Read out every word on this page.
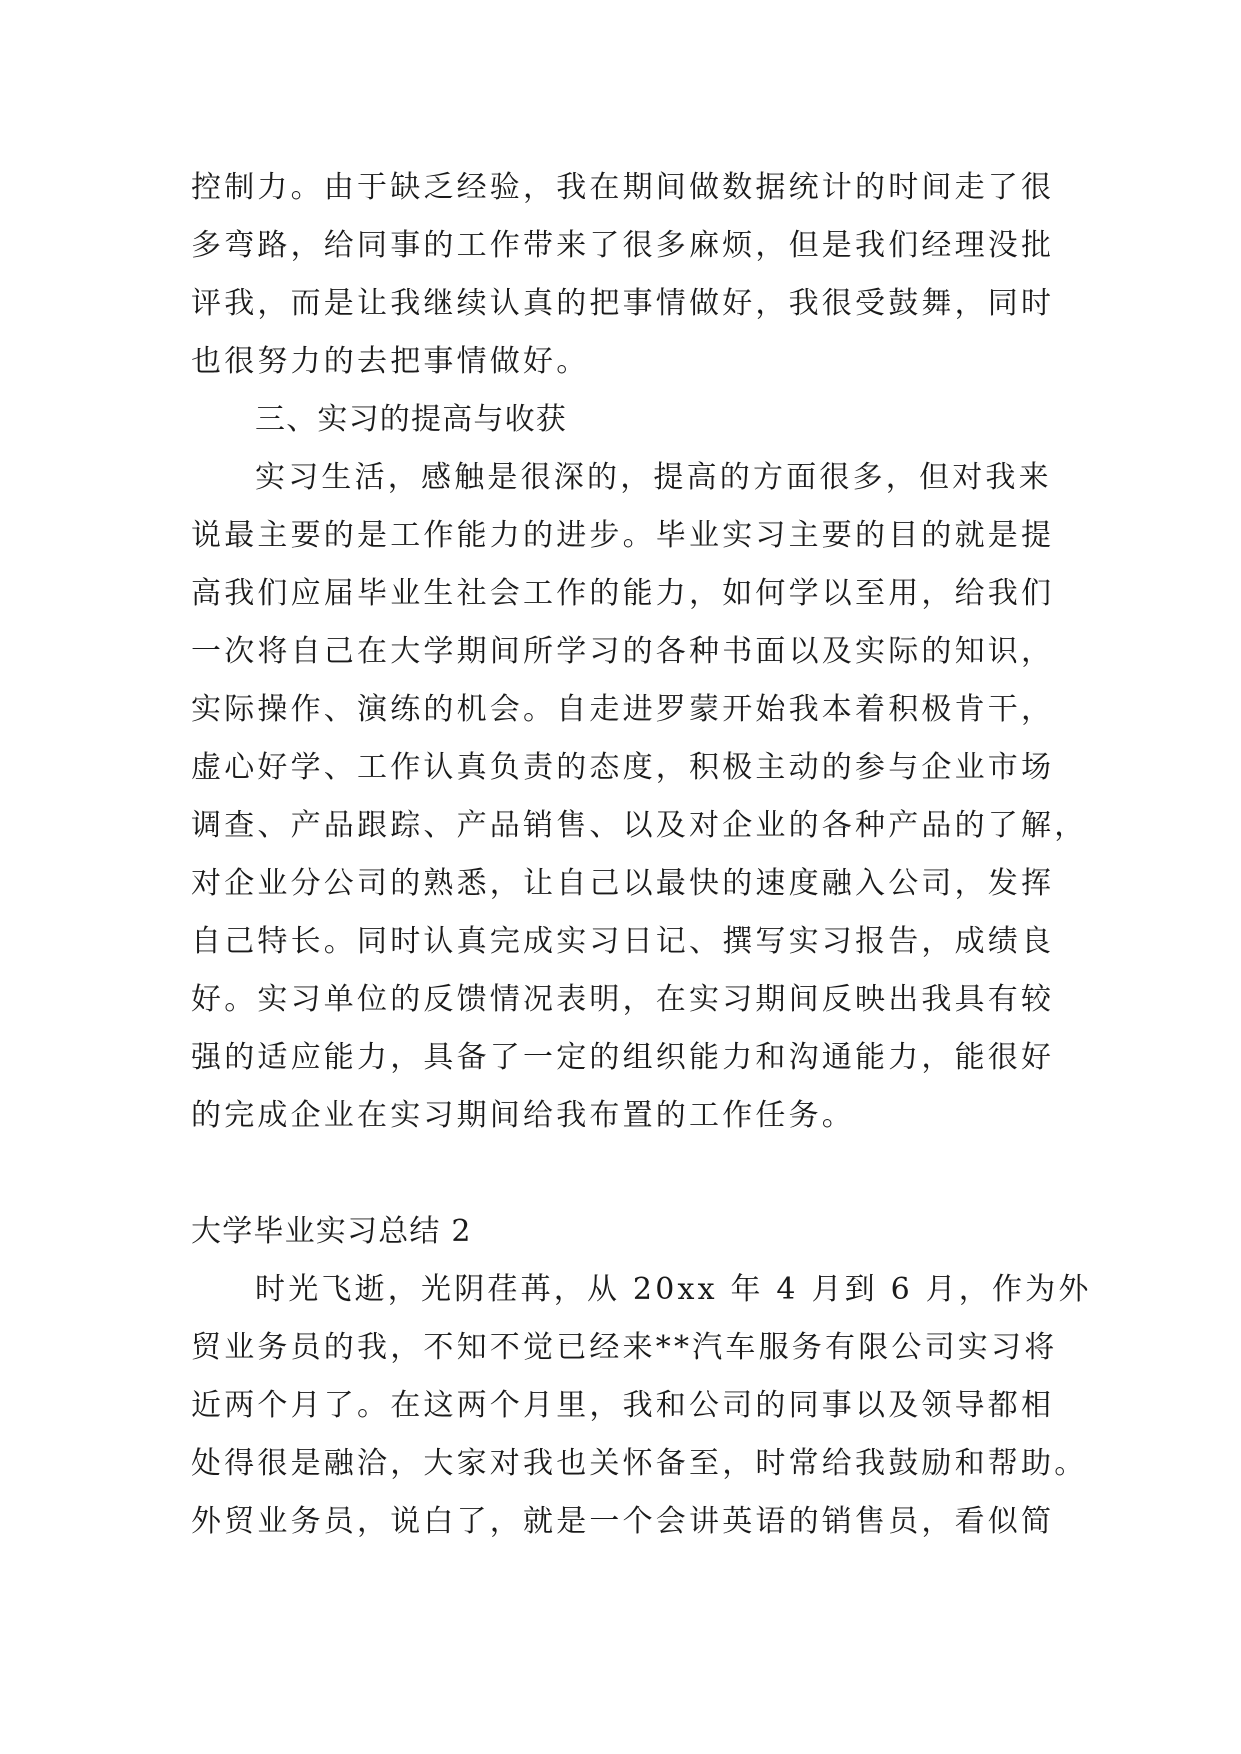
控制力。由于缺乏经验，我在期间做数据统计的时间走了很
多弯路，给同事的工作带来了很多麻烦，但是我们经理没批
评我，而是让我继续认真的把事情做好，我很受鼓舞，同时
也很努力的去把事情做好。
三、实习的提高与收获
实习生活，感触是很深的，提高的方面很多，但对我来
说最主要的是工作能力的进步。毕业实习主要的目的就是提
高我们应届毕业生社会工作的能力，如何学以至用，给我们
一次将自己在大学期间所学习的各种书面以及实际的知识，
实际操作、演练的机会。自走进罗蒙开始我本着积极肯干，
虚心好学、工作认真负责的态度，积极主动的参与企业市场
调查、产品跟踪、产品销售、以及对企业的各种产品的了解，
对企业分公司的熟悉，让自己以最快的速度融入公司，发挥
自己特长。同时认真完成实习日记、撰写实习报告，成绩良
好。实习单位的反馈情况表明，在实习期间反映出我具有较
强的适应能力，具备了一定的组织能力和沟通能力，能很好
的完成企业在实习期间给我布置的工作任务。
大学毕业实习总结 2
时光飞逝，光阴荏苒，从 20xx 年 4 月到 6 月，作为外
贸业务员的我，不知不觉已经来**汽车服务有限公司实习将
近两个月了。在这两个月里，我和公司的同事以及领导都相
处得很是融洽，大家对我也关怀备至，时常给我鼓励和帮助。
外贸业务员，说白了，就是一个会讲英语的销售员，看似简
